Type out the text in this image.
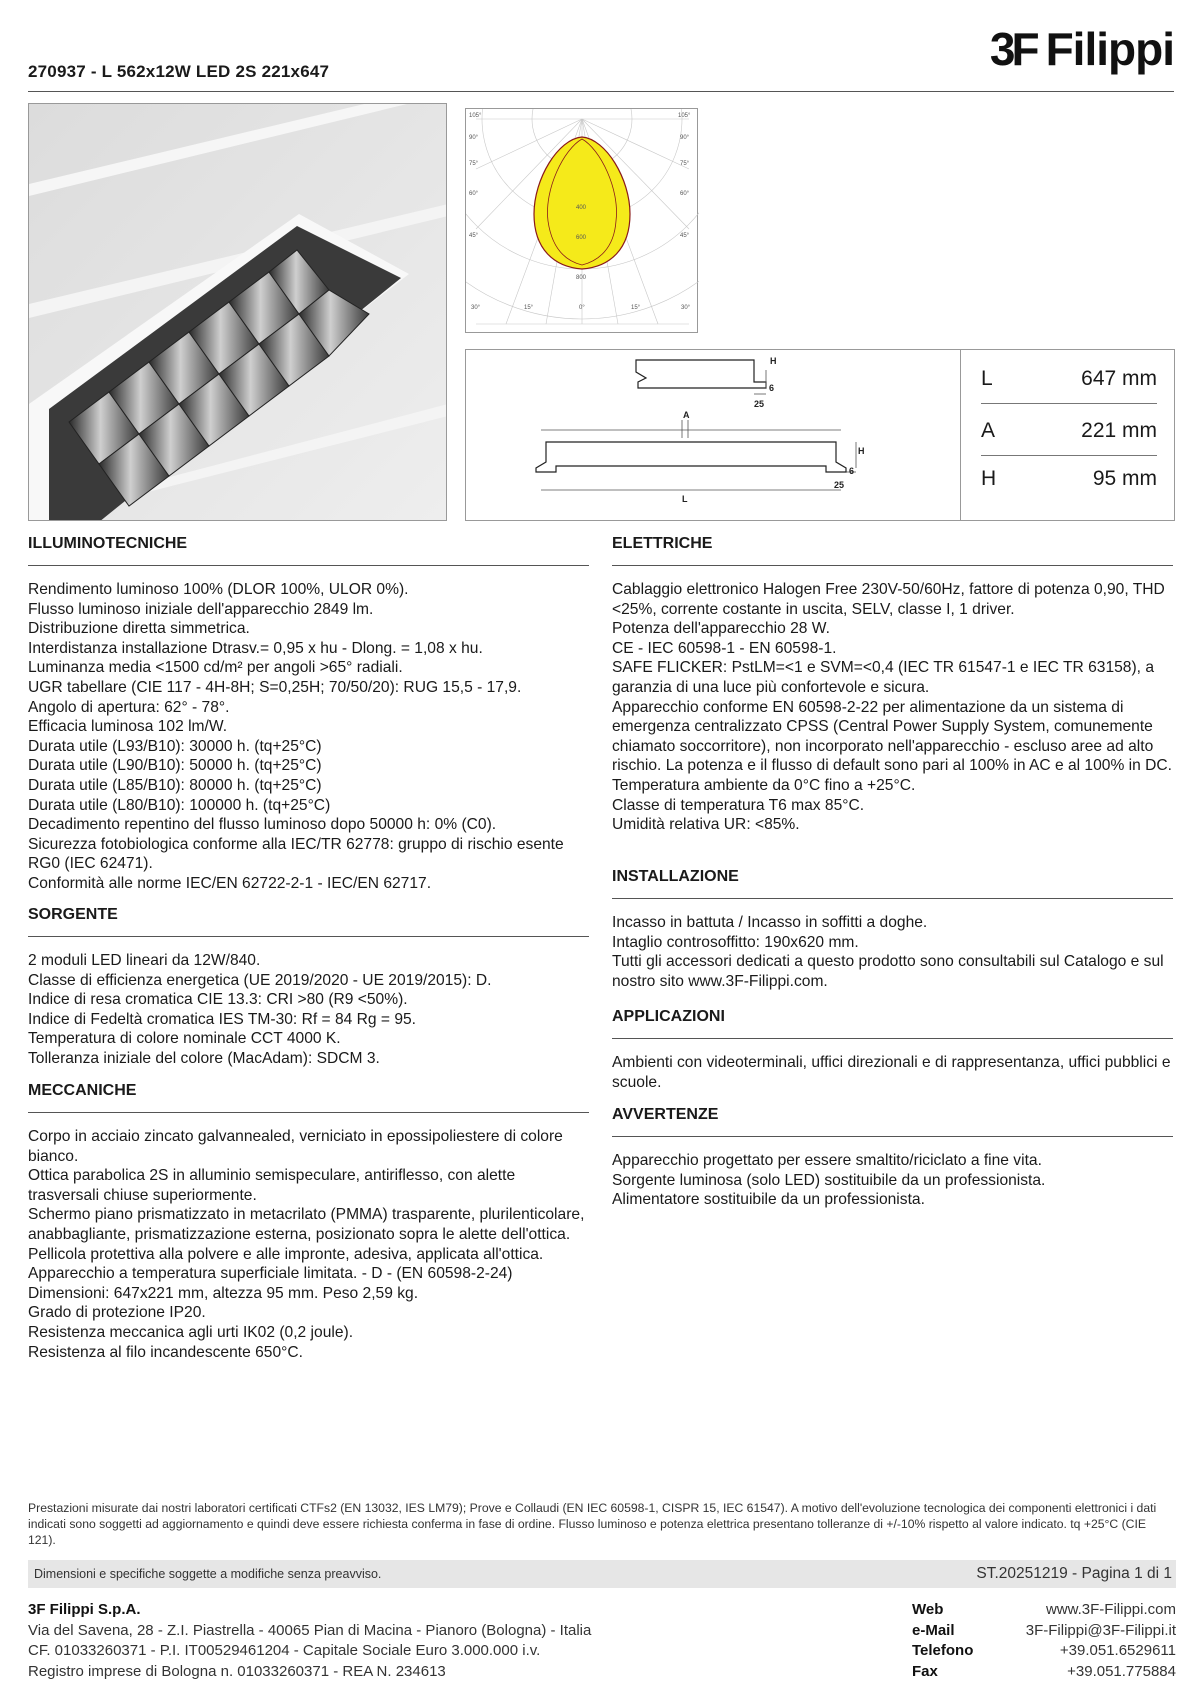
270937 - L 562x12W LED 2S 221x647	3F Filippi
105°	105°
90°
75°
60°
45°
90°
75°
60°
45°
30°	15°	0°	15°	30°
400
600
800
H
6
25
A
H
6
25
L
L	647 mm
A	221 mm
H	95 mm
ILLUMINOTECNICHE
Rendimento luminoso 100% (DLOR 100%, ULOR 0%).
Flusso luminoso iniziale dell'apparecchio 2849 lm.
Distribuzione diretta simmetrica.
Interdistanza installazione Dtrasv.= 0,95 x hu - Dlong. = 1,08 x hu.
Luminanza media <1500 cd/m² per angoli >65° radiali.
UGR tabellare (CIE 117 - 4H-8H; S=0,25H; 70/50/20): RUG 15,5 - 17,9.
Angolo di apertura: 62° - 78°.
Efficacia luminosa 102 lm/W.
Durata utile (L93/B10): 30000 h. (tq+25°C)
Durata utile (L90/B10): 50000 h. (tq+25°C)
Durata utile (L85/B10): 80000 h. (tq+25°C)
Durata utile (L80/B10): 100000 h. (tq+25°C)
Decadimento repentino del flusso luminoso dopo 50000 h: 0% (C0).
Sicurezza fotobiologica conforme alla IEC/TR 62778: gruppo di rischio esente RG0 (IEC 62471).
Conformità alle norme IEC/EN 62722-2-1 - IEC/EN 62717.
SORGENTE
2 moduli LED lineari da 12W/840.
Classe di efficienza energetica (UE 2019/2020 - UE 2019/2015): D.
Indice di resa cromatica CIE 13.3: CRI >80 (R9 <50%).
Indice di Fedeltà cromatica IES TM-30: Rf = 84 Rg = 95.
Temperatura di colore nominale CCT 4000 K.
Tolleranza iniziale del colore (MacAdam): SDCM 3.
MECCANICHE
Corpo in acciaio zincato galvannealed, verniciato in epossipoliestere di colore bianco.
Ottica parabolica 2S in alluminio semispeculare, antiriflesso, con alette trasversali chiuse superiormente.
Schermo piano prismatizzato in metacrilato (PMMA) trasparente, plurilenticolare, anabbagliante, prismatizzazione esterna, posizionato sopra le alette dell'ottica.
Pellicola protettiva alla polvere e alle impronte, adesiva, applicata all'ottica.
Apparecchio a temperatura superficiale limitata. - D - (EN 60598-2-24)
Dimensioni: 647x221 mm, altezza 95 mm. Peso 2,59 kg.
Grado di protezione IP20.
Resistenza meccanica agli urti IK02 (0,2 joule).
Resistenza al filo incandescente 650°C.
ELETTRICHE
Cablaggio elettronico Halogen Free 230V-50/60Hz, fattore di potenza 0,90, THD <25%, corrente costante in uscita, SELV, classe I, 1 driver.
Potenza dell'apparecchio 28 W.
CE - IEC 60598-1 - EN 60598-1.
SAFE FLICKER: PstLM=<1 e SVM=<0,4 (IEC TR 61547-1 e IEC TR 63158), a garanzia di una luce più confortevole e sicura.
Apparecchio conforme EN 60598-2-22 per alimentazione da un sistema di emergenza centralizzato CPSS (Central Power Supply System, comunemente chiamato soccorritore), non incorporato nell'apparecchio - escluso aree ad alto rischio. La potenza e il flusso di default sono pari al 100% in AC e al 100% in DC.
Temperatura ambiente da 0°C fino a +25°C.
Classe di temperatura T6 max 85°C.
Umidità relativa UR: <85%.
INSTALLAZIONE
Incasso in battuta / Incasso in soffitti a doghe.
Intaglio controsoffitto: 190x620 mm.
Tutti gli accessori dedicati a questo prodotto sono consultabili sul Catalogo e sul nostro sito www.3F-Filippi.com.
APPLICAZIONI
Ambienti con videoterminali, uffici direzionali e di rappresentanza, uffici pubblici e scuole.
AVVERTENZE
Apparecchio progettato per essere smaltito/riciclato a fine vita.
Sorgente luminosa (solo LED) sostituibile da un professionista.
Alimentatore sostituibile da un professionista.
Prestazioni misurate dai nostri laboratori certificati CTFs2 (EN 13032, IES LM79); Prove e Collaudi (EN IEC 60598-1, CISPR 15, IEC 61547). A motivo dell'evoluzione tecnologica dei componenti elettronici i dati indicati sono soggetti ad aggiornamento e quindi deve essere richiesta conferma in fase di ordine. Flusso luminoso e potenza elettrica presentano tolleranze di +/-10% rispetto al valore indicato. tq +25°C (CIE 121).
Dimensioni e specifiche soggette a modifiche senza preavviso.	ST.20251219 - Pagina 1 di 1
3F Filippi S.p.A.
Via del Savena, 28 - Z.I. Piastrella - 40065 Pian di Macina - Pianoro (Bologna) - Italia
CF. 01033260371 - P.I. IT00529461204 - Capitale Sociale Euro 3.000.000 i.v.
Registro imprese di Bologna n. 01033260371 - REA N. 234613
Web	www.3F-Filippi.com
e-Mail	3F-Filippi@3F-Filippi.it
Telefono	+39.051.6529611
Fax	+39.051.775884
